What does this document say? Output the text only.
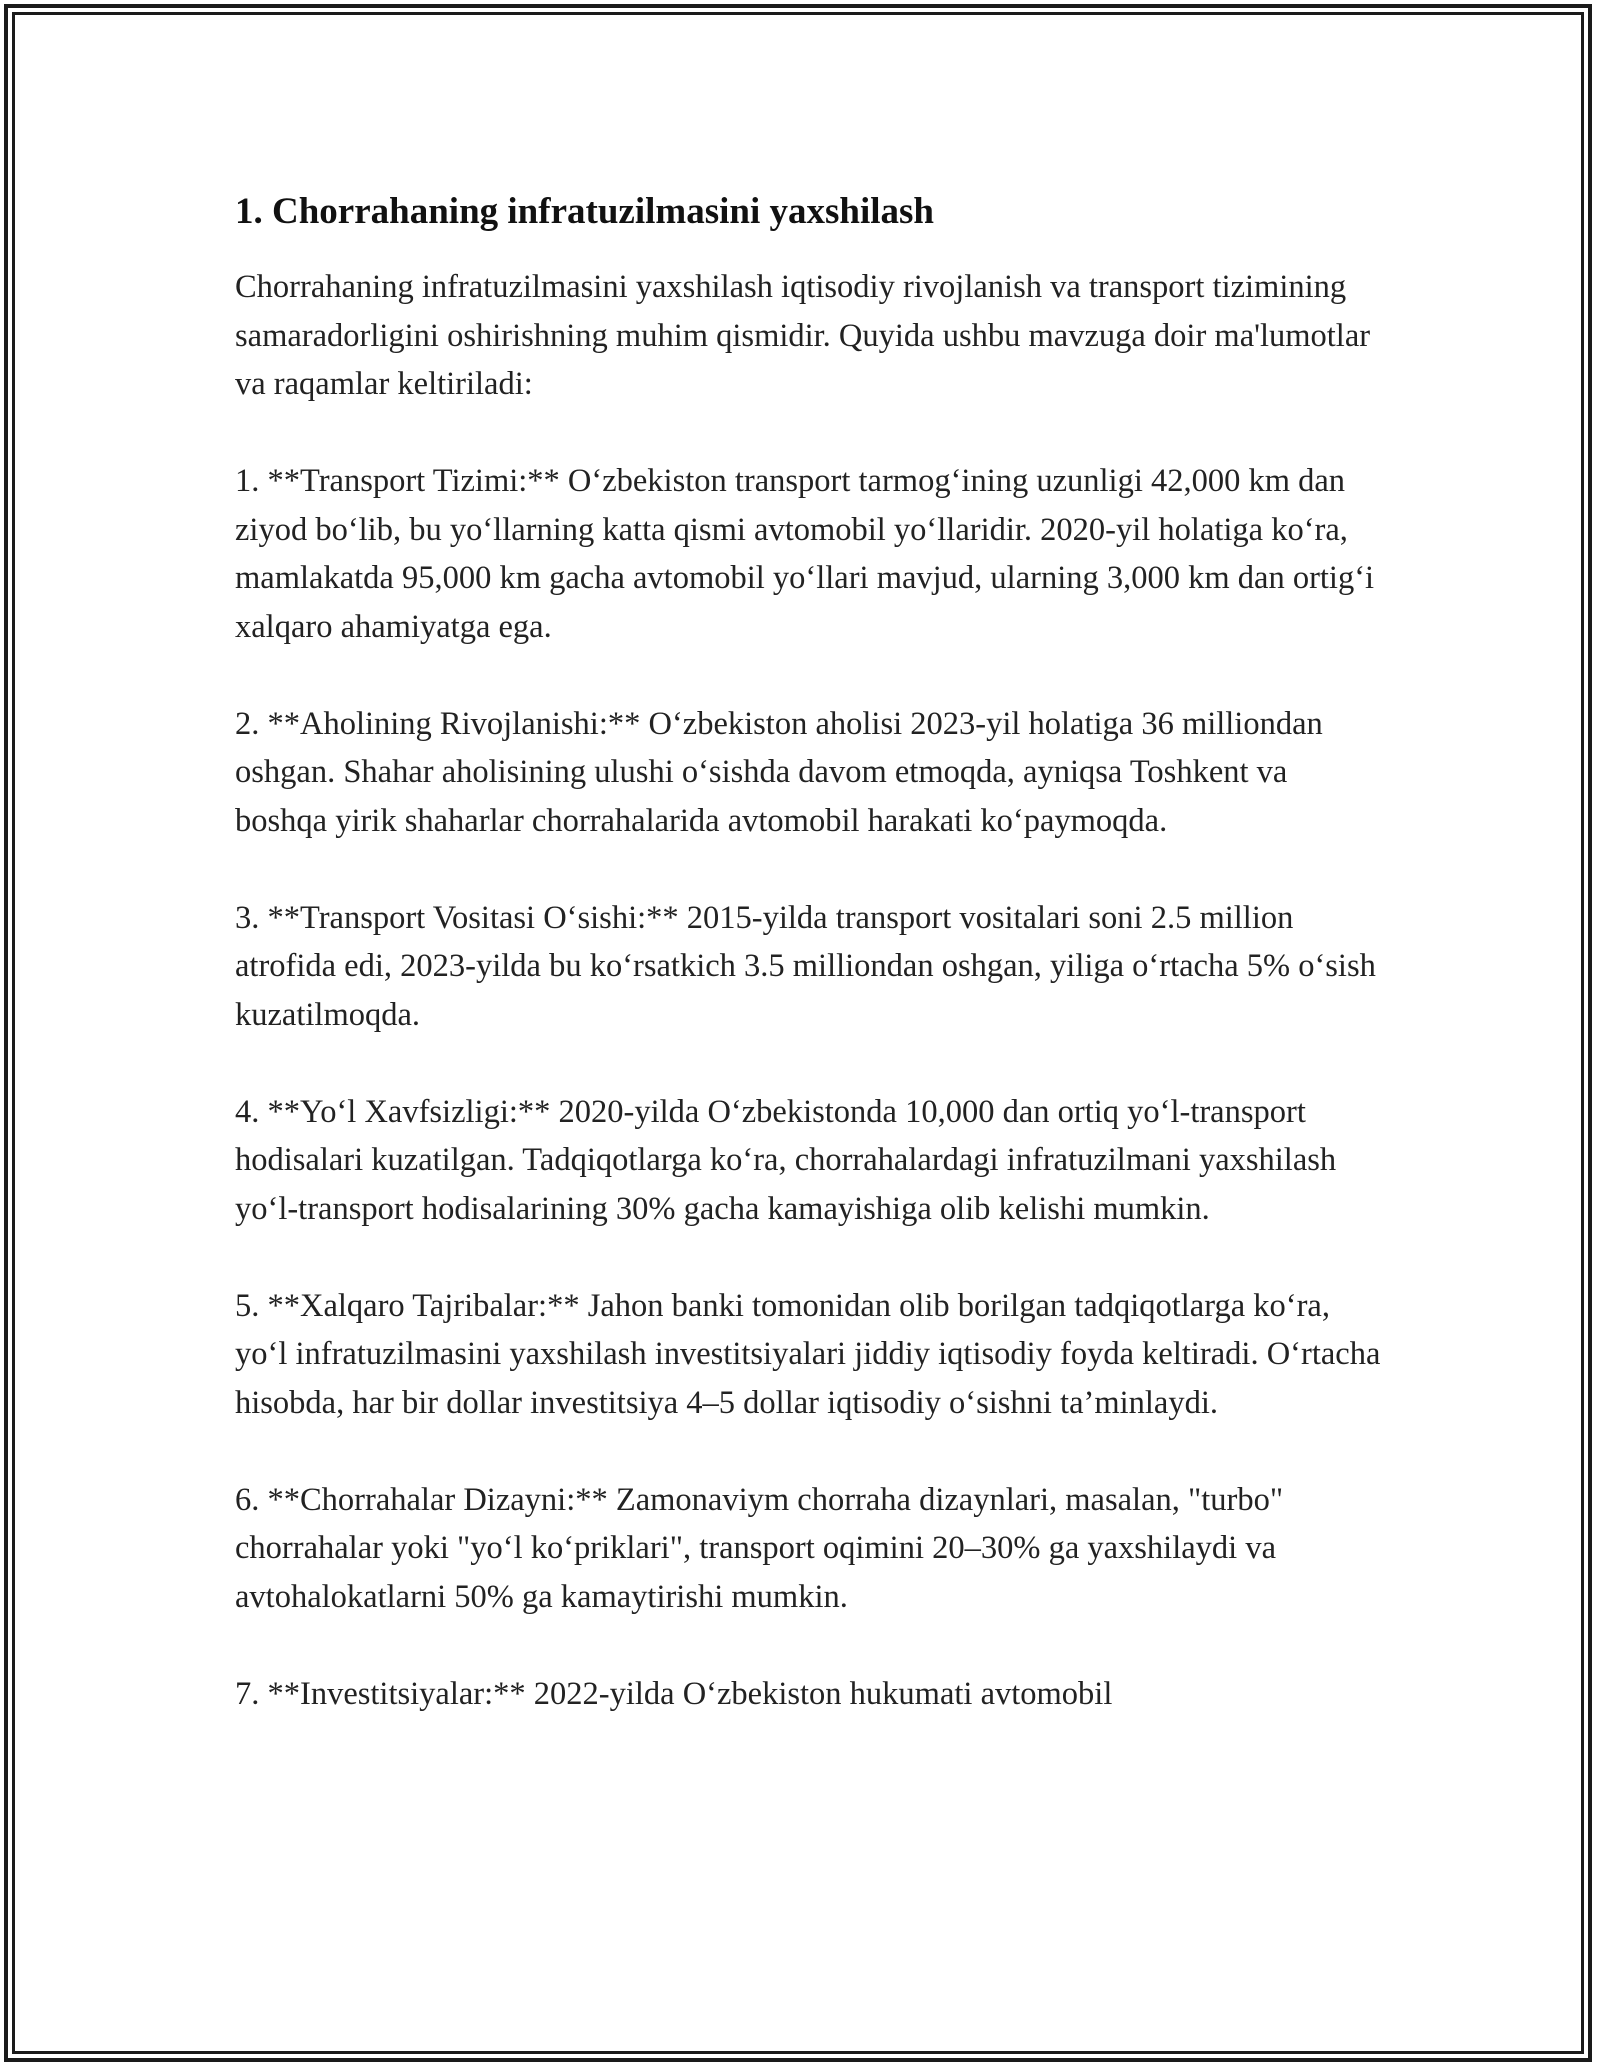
1. Chorrahaning infratuzilmasini yaxshilash

Chorrahaning infratuzilmasini yaxshilash iqtisodiy rivojlanish va transport tizimining samaradorligini oshirishning muhim qismidir. Quyida ushbu mavzuga doir ma'lumotlar va raqamlar keltiriladi:

1. **Transport Tizimi:** O‘zbekiston transport tarmog‘ining uzunligi 42,000 km dan ziyod bo‘lib, bu yo‘llarning katta qismi avtomobil yo‘llaridir. 2020-yil holatiga ko‘ra, mamlakatda 95,000 km gacha avtomobil yo‘llari mavjud, ularning 3,000 km dan ortig‘i xalqaro ahamiyatga ega.

2. **Aholining Rivojlanishi:** O‘zbekiston aholisi 2023-yil holatiga 36 milliondan oshgan. Shahar aholisining ulushi o‘sishda davom etmoqda, ayniqsa Toshkent va boshqa yirik shaharlar chorrahalarida avtomobil harakati ko‘paymoqda.

3. **Transport Vositasi O‘sishi:** 2015-yilda transport vositalari soni 2.5 million atrofida edi, 2023-yilda bu ko‘rsatkich 3.5 milliondan oshgan, yiliga o‘rtacha 5% o‘sish kuzatilmoqda.

4. **Yo‘l Xavfsizligi:** 2020-yilda O‘zbekistonda 10,000 dan ortiq yo‘l-transport hodisalari kuzatilgan. Tadqiqotlarga ko‘ra, chorrahalardagi infratuzilmani yaxshilash yo‘l-transport hodisalarining 30% gacha kamayishiga olib kelishi mumkin.

5. **Xalqaro Tajribalar:** Jahon banki tomonidan olib borilgan tadqiqotlarga ko‘ra, yo‘l infratuzilmasini yaxshilash investitsiyalari jiddiy iqtisodiy foyda keltiradi. O‘rtacha hisobda, har bir dollar investitsiya 4–5 dollar iqtisodiy o‘sishni ta’minlaydi.

6. **Chorrahalar Dizayni:** Zamonaviym chorraha dizaynlari, masalan, "turbo" chorrahalar yoki "yo‘l ko‘priklari", transport oqimini 20–30% ga yaxshilaydi va avtohalokatlarni 50% ga kamaytirishi mumkin.

7. **Investitsiyalar:** 2022-yilda O‘zbekiston hukumati avtomobil
